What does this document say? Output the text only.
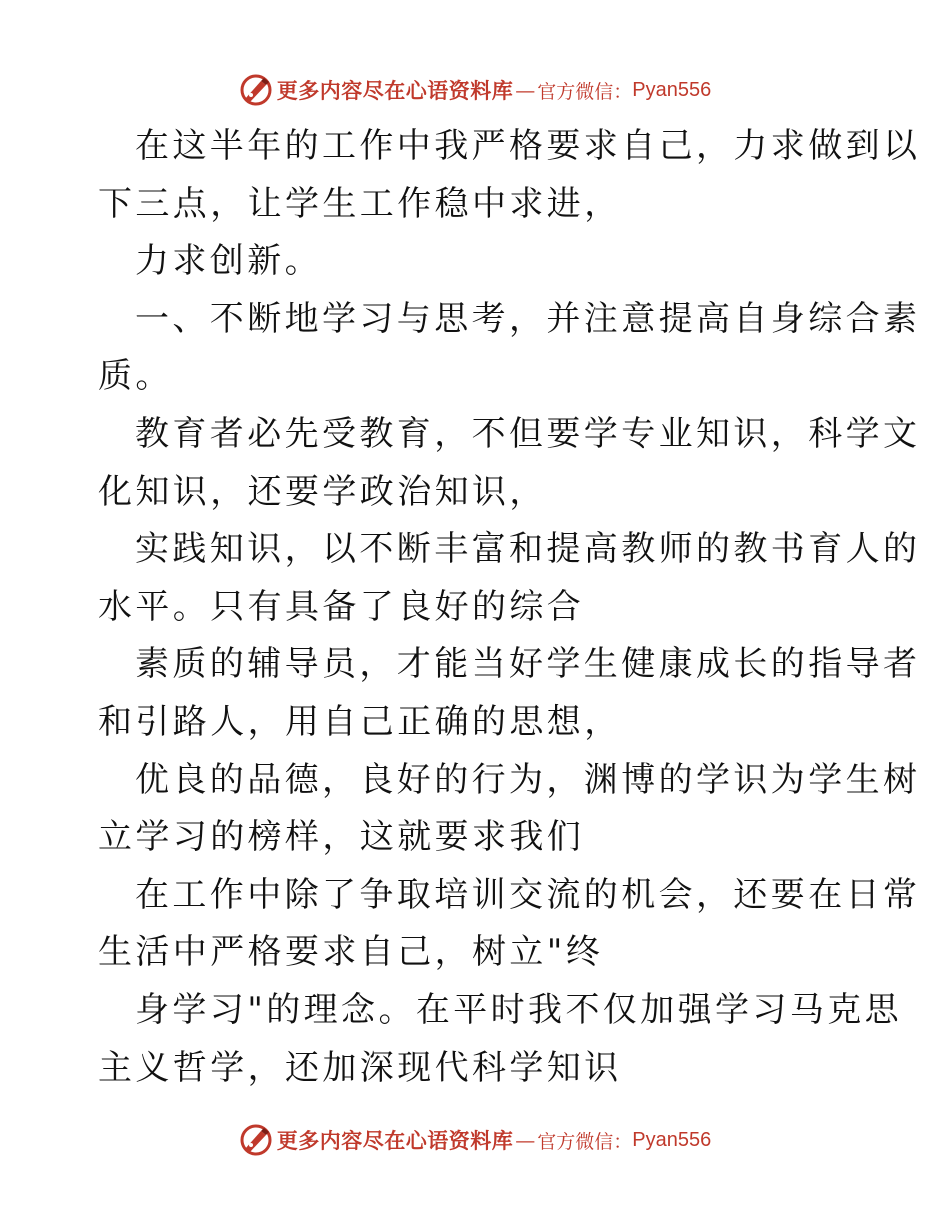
更多内容尽在心语资料库 — 官方微信： Pyan556
在这半年的工作中我严格要求自己，力求做到以
下三点，让学生工作稳中求进，
力求创新。
一、不断地学习与思考，并注意提高自身综合素
质。
教育者必先受教育，不但要学专业知识，科学文
化知识，还要学政治知识，
实践知识，以不断丰富和提高教师的教书育人的
水平。只有具备了良好的综合
素质的辅导员，才能当好学生健康成长的指导者
和引路人，用自己正确的思想，
优良的品德，良好的行为，渊博的学识为学生树
立学习的榜样，这就要求我们
在工作中除了争取培训交流的机会，还要在日常
生活中严格要求自己，树立"终
身学习"的理念。在平时我不仅加强学习马克思
主义哲学，还加深现代科学知识
更多内容尽在心语资料库 — 官方微信： Pyan556
